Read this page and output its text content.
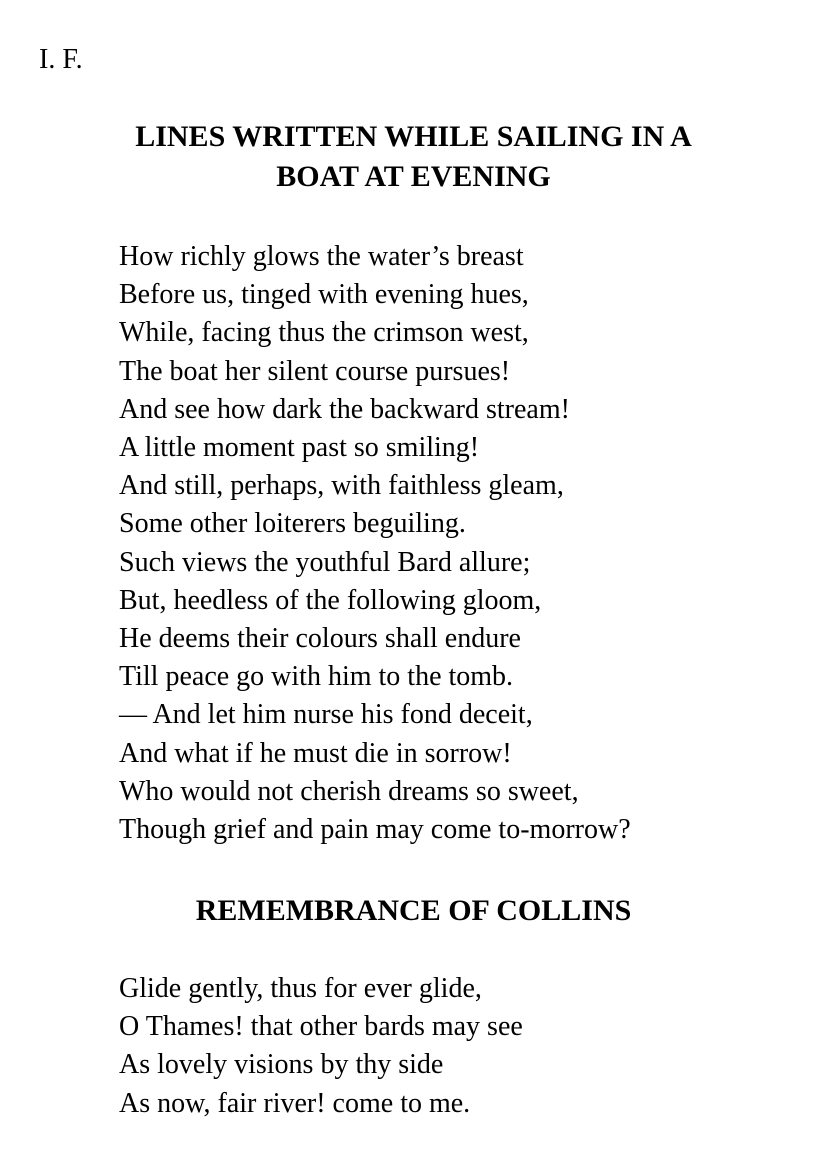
I. F.
LINES WRITTEN WHILE SAILING IN A
BOAT AT EVENING
How richly glows the water’s breast
Before us, tinged with evening hues,
While, facing thus the crimson west,
The boat her silent course pursues!
And see how dark the backward stream!
A little moment past so smiling!
And still, perhaps, with faithless gleam,
Some other loiterers beguiling.
Such views the youthful Bard allure;
But, heedless of the following gloom,
He deems their colours shall endure
Till peace go with him to the tomb.
— And let him nurse his fond deceit,
And what if he must die in sorrow!
Who would not cherish dreams so sweet,
Though grief and pain may come to-morrow?
REMEMBRANCE OF COLLINS
Glide gently, thus for ever glide,
O Thames! that other bards may see
As lovely visions by thy side
As now, fair river! come to me.
